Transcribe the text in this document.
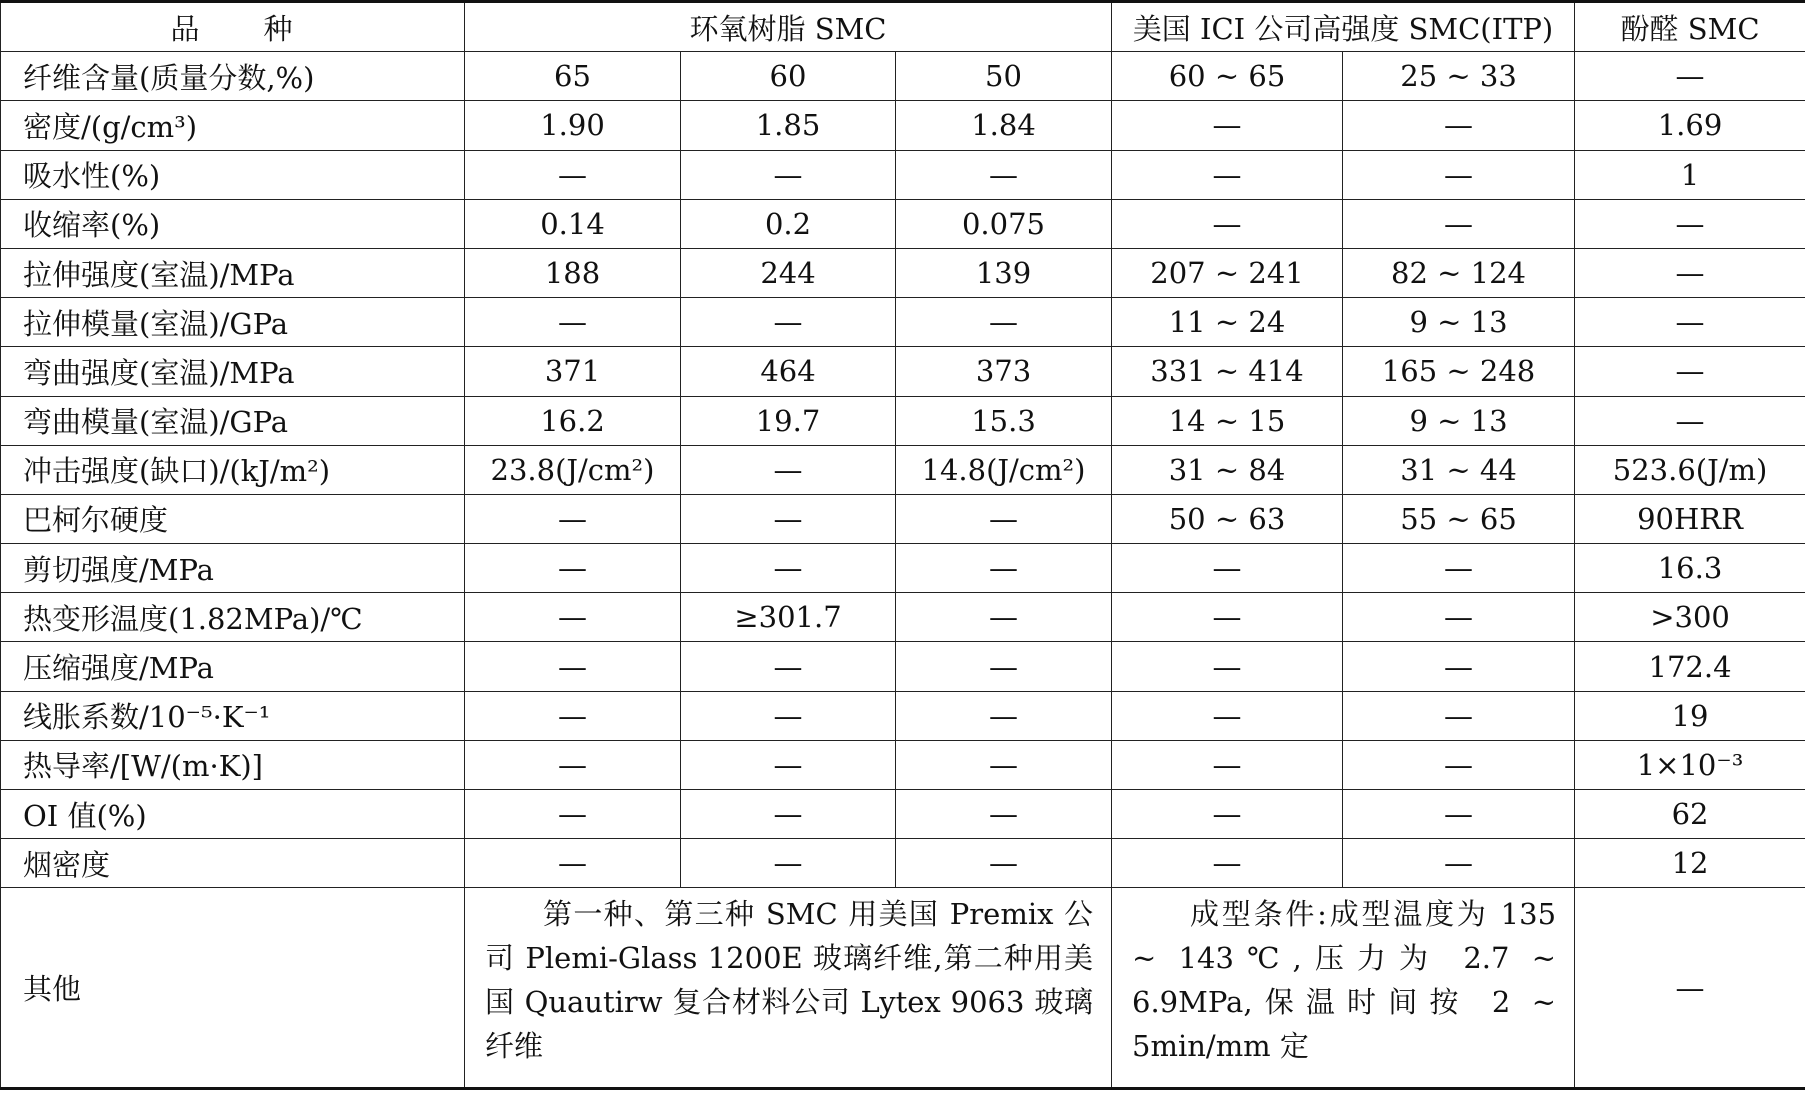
品　　种	环氧树脂 SMC			美国 ICI 公司高强度 SMC(ITP)		酚醛 SMC
纤维含量(质量分数,%)	65	60	50	60 ~ 65	25 ~ 33	—
密度/(g/cm³)	1.90	1.85	1.84	—	—	1.69
吸水性(%)	—	—	—	—	—	1
收缩率(%)	0.14	0.2	0.075	—	—	—
拉伸强度(室温)/MPa	188	244	139	207 ~ 241	82 ~ 124	—
拉伸模量(室温)/GPa	—	—	—	11 ~ 24	9 ~ 13	—
弯曲强度(室温)/MPa	371	464	373	331 ~ 414	165 ~ 248	—
弯曲模量(室温)/GPa	16.2	19.7	15.3	14 ~ 15	9 ~ 13	—
冲击强度(缺口)/(kJ/m²)	23.8(J/cm²)	—	14.8(J/cm²)	31 ~ 84	31 ~ 44	523.6(J/m)
巴柯尔硬度	—	—	—	50 ~ 63	55 ~ 65	90HRR
剪切强度/MPa	—	—	—	—	—	16.3
热变形温度(1.82MPa)/℃	—	≥301.7	—	—	—	>300
压缩强度/MPa	—	—	—	—	—	172.4
线胀系数/10⁻⁵·K⁻¹	—	—	—	—	—	19
热导率/[W/(m·K)]	—	—	—	—	—	1×10⁻³
OI 值(%)	—	—	—	—	—	62
烟密度	—	—	—	—	—	12
其他	第一种、第三种 SMC 用美国 Premix 公司 Plemi-Glass 1200E 玻璃纤维,第二种用美国 Quautirw 复合材料公司 Lytex 9063 玻璃纤维			成型条件:成型温度为 135 ~ 143℃,压力为 2.7 ~ 6.9MPa,保温时间按 2 ~ 5min/mm 定		—
